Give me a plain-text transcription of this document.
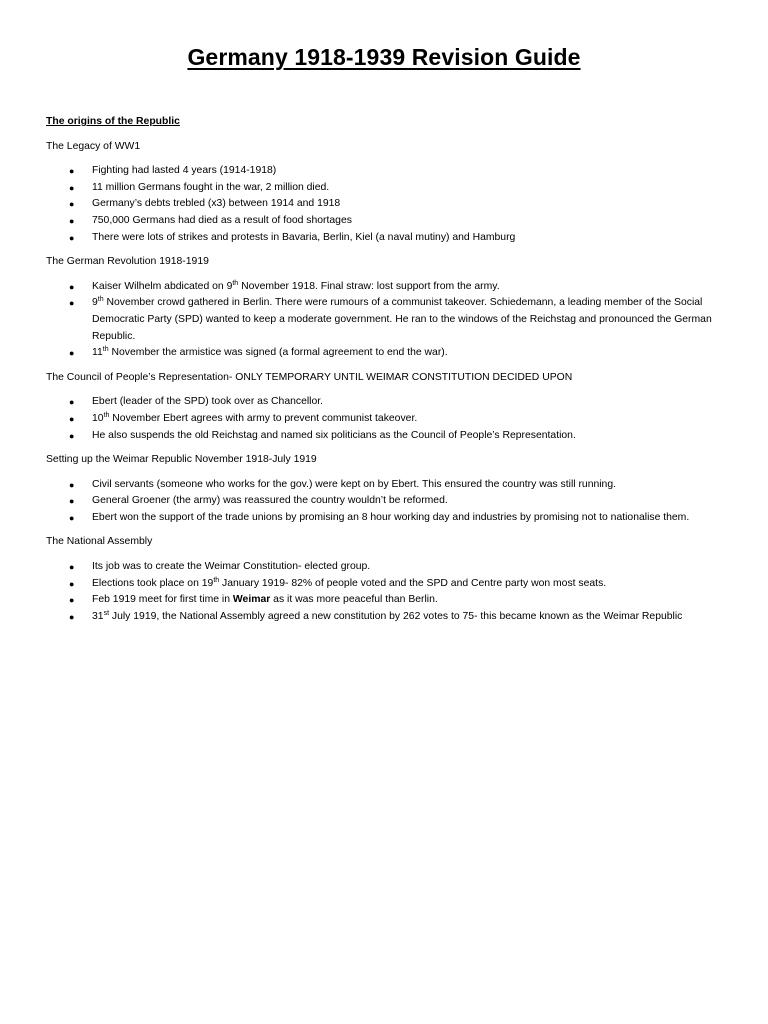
Germany 1918-1939 Revision Guide
The origins of the Republic
The Legacy of WW1
● Fighting had lasted 4 years (1914-1918)
● 11 million Germans fought in the war, 2 million died.
● Germany’s debts trebled (x3) between 1914 and 1918
● 750,000 Germans had died as a result of food shortages
● There were lots of strikes and protests in Bavaria, Berlin, Kiel (a naval mutiny) and Hamburg
The German Revolution 1918-1919
● Kaiser Wilhelm abdicated on 9th November 1918. Final straw: lost support from the army.
● 9th November crowd gathered in Berlin. There were rumours of a communist takeover. Schiedemann, a leading member of the Social Democratic Party (SPD) wanted to keep a moderate government. He ran to the windows of the Reichstag and pronounced the German Republic.
● 11th November the armistice was signed (a formal agreement to end the war).
The Council of People’s Representation- ONLY TEMPORARY UNTIL WEIMAR CONSTITUTION DECIDED UPON
● Ebert (leader of the SPD) took over as Chancellor.
● 10th November Ebert agrees with army to prevent communist takeover.
● He also suspends the old Reichstag and named six politicians as the Council of People’s Representation.
Setting up the Weimar Republic November 1918-July 1919
● Civil servants (someone who works for the gov.) were kept on by Ebert. This ensured the country was still running.
● General Groener (the army) was reassured the country wouldn’t be reformed.
● Ebert won the support of the trade unions by promising an 8 hour working day and industries by promising not to nationalise them.
The National Assembly
● Its job was to create the Weimar Constitution- elected group.
● Elections took place on 19th January 1919- 82% of people voted and the SPD and Centre party won most seats.
● Feb 1919 meet for first time in Weimar as it was more peaceful than Berlin.
● 31st July 1919, the National Assembly agreed a new constitution by 262 votes to 75- this became known as the Weimar Republic
